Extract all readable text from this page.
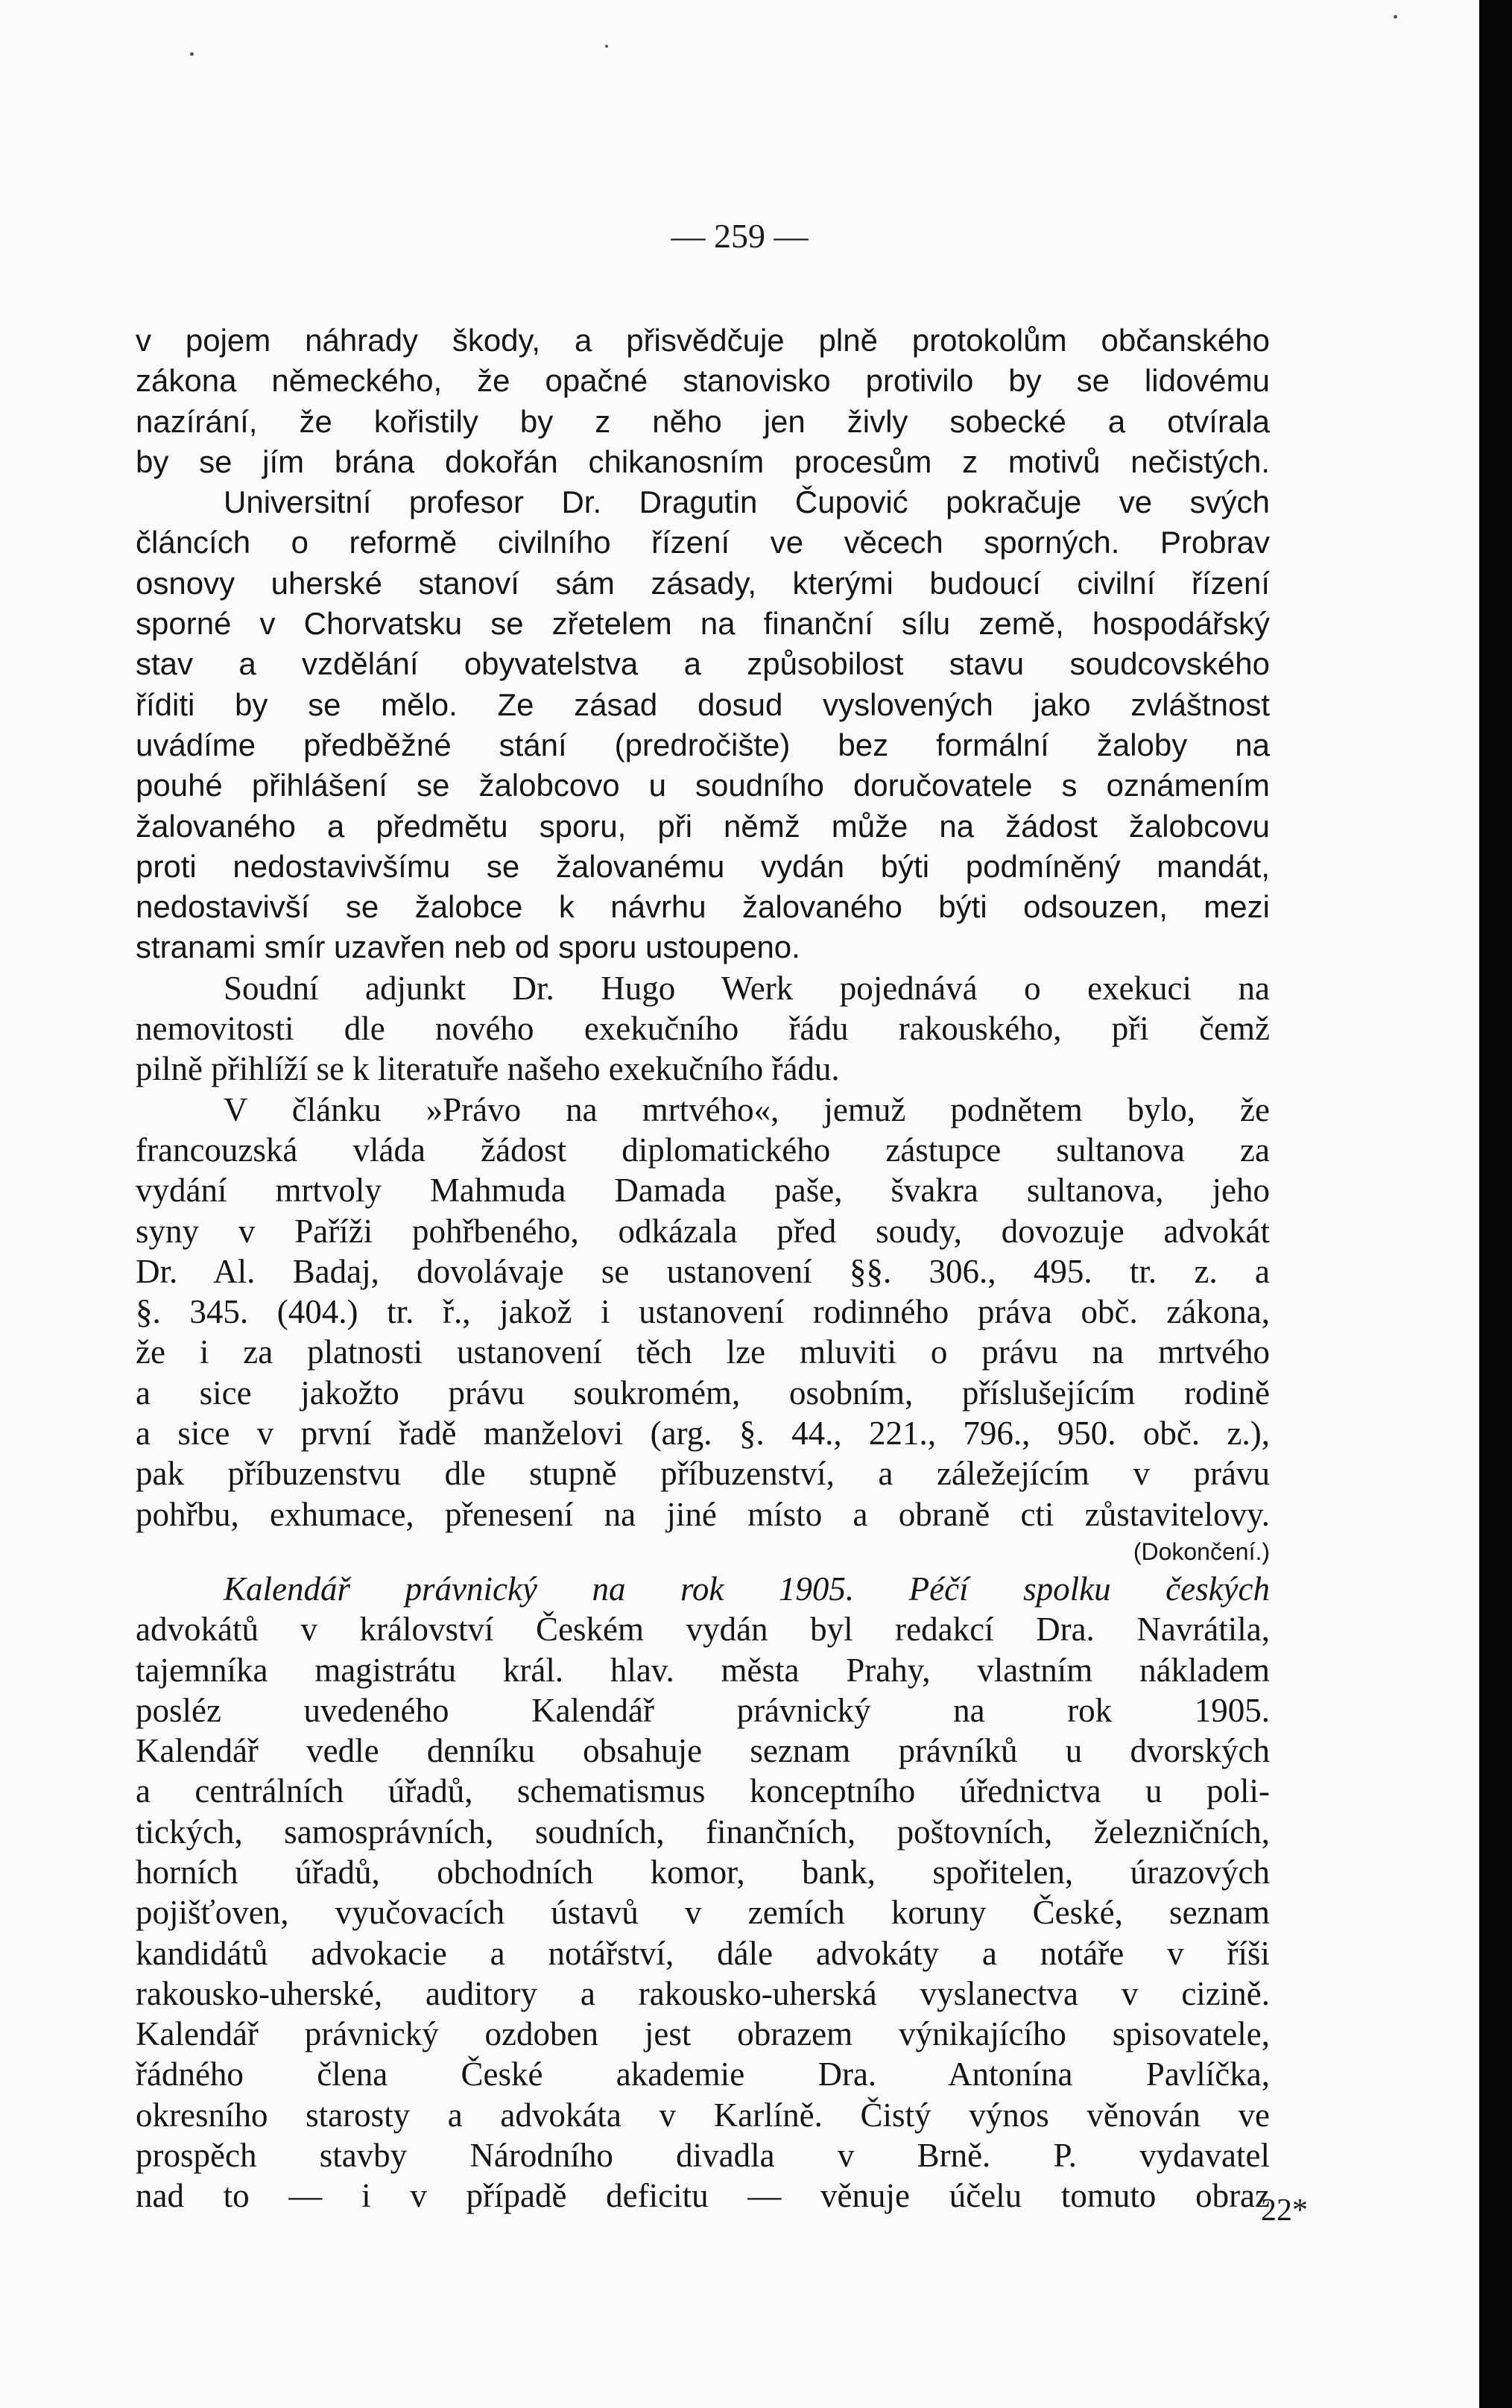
— 259 —
v pojem náhrady škody, a přisvědčuje plně protokolům občanského
zákona německého, že opačné stanovisko protivilo by se lidovému
nazírání, že kořistily by z něho jen živly sobecké a otvírala
by se jím brána dokořán chikanosním procesům z motivů nečistých.
Universitní profesor Dr. Dragutin Čupović pokračuje ve svých
článcích o reformě civilního řízení ve věcech sporných. Probrav
osnovy uherské stanoví sám zásady, kterými budoucí civilní řízení
sporné v Chorvatsku se zřetelem na finanční sílu země, hospodářský
stav a vzdělání obyvatelstva a způsobilost stavu soudcovského
říditi by se mělo. Ze zásad dosud vyslovených jako zvláštnost
uvádíme předběžné stání (predročište) bez formální žaloby na
pouhé přihlášení se žalobcovo u soudního doručovatele s oznámením
žalovaného a předmětu sporu, při němž může na žádost žalobcovu
proti nedostavivšímu se žalovanému vydán býti podmíněný mandát,
nedostavivší se žalobce k návrhu žalovaného býti odsouzen, mezi
stranami smír uzavřen neb od sporu ustoupeno.
Soudní adjunkt Dr. Hugo Werk pojednává o exekuci na
nemovitosti dle nového exekučního řádu rakouského, při čemž
pilně přihlíží se k literatuře našeho exekučního řádu.
V článku »Právo na mrtvého«, jemuž podnětem bylo, že
francouzská vláda žádost diplomatického zástupce sultanova za
vydání mrtvoly Mahmuda Damada paše, švakra sultanova, jeho
syny v Paříži pohřbeného, odkázala před soudy, dovozuje advokát
Dr. Al. Badaj, dovolávaje se ustanovení §§. 306., 495. tr. z. a
§. 345. (404.) tr. ř., jakož i ustanovení rodinného práva obč. zákona,
že i za platnosti ustanovení těch lze mluviti o právu na mrtvého
a sice jakožto právu soukromém, osobním, příslušejícím rodině
a sice v první řadě manželovi (arg. §. 44., 221., 796., 950. obč. z.),
pak příbuzenstvu dle stupně příbuzenství, a záležejícím v právu
pohřbu, exhumace, přenesení na jiné místo a obraně cti zůstavitelovy.
(Dokončení.)
Kalendář právnický na rok 1905. Péčí spolku českých
advokátů v království Českém vydán byl redakcí Dra. Navrátila,
tajemníka magistrátu král. hlav. města Prahy, vlastním nákladem
posléz uvedeného Kalendář právnický na rok 1905.
Kalendář vedle denníku obsahuje seznam právníků u dvorských
a centrálních úřadů, schematismus konceptního úřednictva u poli-
tických, samosprávních, soudních, finančních, poštovních, železničních,
horních úřadů, obchodních komor, bank, spořitelen, úrazových
pojišťoven, vyučovacích ústavů v zemích koruny České, seznam
kandidátů advokacie a notářství, dále advokáty a notáře v říši
rakousko-uherské, auditory a rakousko-uherská vyslanectva v cizině.
Kalendář právnický ozdoben jest obrazem výnikajícího spisovatele,
řádného člena České akademie Dra. Antonína Pavlíčka,
okresního starosty a advokáta v Karlíně. Čistý výnos věnován ve
prospěch stavby Národního divadla v Brně. P. vydavatel
nad to — i v případě deficitu — věnuje účelu tomuto obraz
22*
